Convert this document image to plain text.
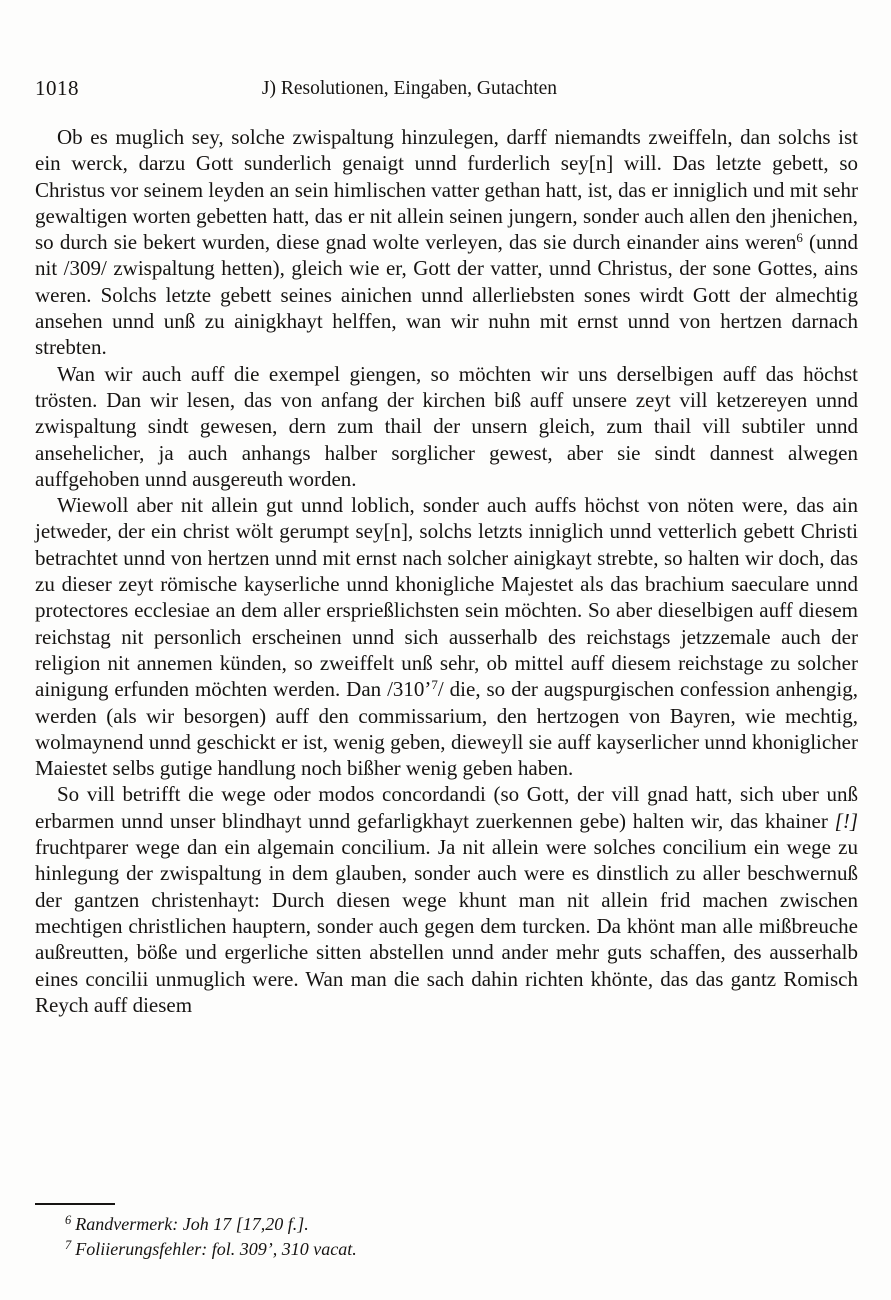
1018	J) Resolutionen, Eingaben, Gutachten

Ob es muglich sey, solche zwispaltung hinzulegen, darff niemandts zweiffeln, dan solchs ist ein werck, darzu Gott sunderlich genaigt unnd furderlich sey[n] will. Das letzte gebett, so Christus vor seinem leyden an sein himlischen vatter gethan hatt, ist, das er inniglich und mit sehr gewaltigen worten gebetten hatt, das er nit allein seinen jungern, sonder auch allen den jhenichen, so durch sie bekert wurden, diese gnad wolte verleyen, das sie durch einander ains weren$^6$ (unnd nit /309/ zwispaltung hetten), gleich wie er, Gott der vatter, unnd Christus, der sone Gottes, ains weren. Solchs letzte gebett seines ainichen unnd allerliebsten sones wirdt Gott der almechtig ansehen unnd unß zu ainigkhayt helffen, wan wir nuhn mit ernst unnd von hertzen darnach strebten.

Wan wir auch auff die exempel giengen, so möchten wir uns derselbigen auff das höchst trösten. Dan wir lesen, das von anfang der kirchen biß auff unsere zeyt vill ketzereyen unnd zwispaltung sindt gewesen, dern zum thail der unsern gleich, zum thail vill subtiler unnd ansehelicher, ja auch anhangs halber sorglicher gewest, aber sie sindt dannest alwegen auffgehoben unnd ausgereuth worden.

Wiewoll aber nit allein gut unnd loblich, sonder auch auffs höchst von nöten were, das ain jetweder, der ein christ wölt gerumpt sey[n], solchs letzts inniglich unnd vetterlich gebett Christi betrachtet unnd von hertzen unnd mit ernst nach solcher ainigkayt strebte, so halten wir doch, das zu dieser zeyt römische kayserliche unnd khonigliche Majestet als das brachium saeculare unnd protectores ecclesiae an dem aller ersprießlichsten sein möchten. So aber dieselbigen auff diesem reichstag nit personlich erscheinen unnd sich ausserhalb des reichstags jetzzemale auch der religion nit annemen künden, so zweiffelt unß sehr, ob mittel auff diesem reichstage zu solcher ainigung erfunden möchten werden. Dan /310’$^7$/ die, so der augspurgischen confession anhengig, werden (als wir besorgen) auff den commissarium, den hertzogen von Bayren, wie mechtig, wolmaynend unnd geschickt er ist, wenig geben, dieweyll sie auff kayserlicher unnd khoniglicher Maiestet selbs gutige handlung noch bißher wenig geben haben.

So vill betrifft die wege oder modos concordandi (so Gott, der vill gnad hatt, sich uber unß erbarmen unnd unser blindhayt unnd gefarligkhayt zuerkennen gebe) halten wir, das khainer [!] fruchtparer wege dan ein algemain concilium. Ja nit allein were solches concilium ein wege zu hinlegung der zwispaltung in dem glauben, sonder auch were es dinstlich zu aller beschwernuß der gantzen christenhayt: Durch diesen wege khunt man nit allein frid machen zwischen mechtigen christlichen hauptern, sonder auch gegen dem turcken. Da khönt man alle mißbreuche außreutten, böße und ergerliche sitten abstellen unnd ander mehr guts schaffen, des ausserhalb eines concilii unmuglich were. Wan man die sach dahin richten khönte, das das gantz Romisch Reych auff diesem

$^6$ Randvermerk: Joh 17 [17,20 f.].
$^7$ Foliierungsfehler: fol. 309’, 310 vacat.
